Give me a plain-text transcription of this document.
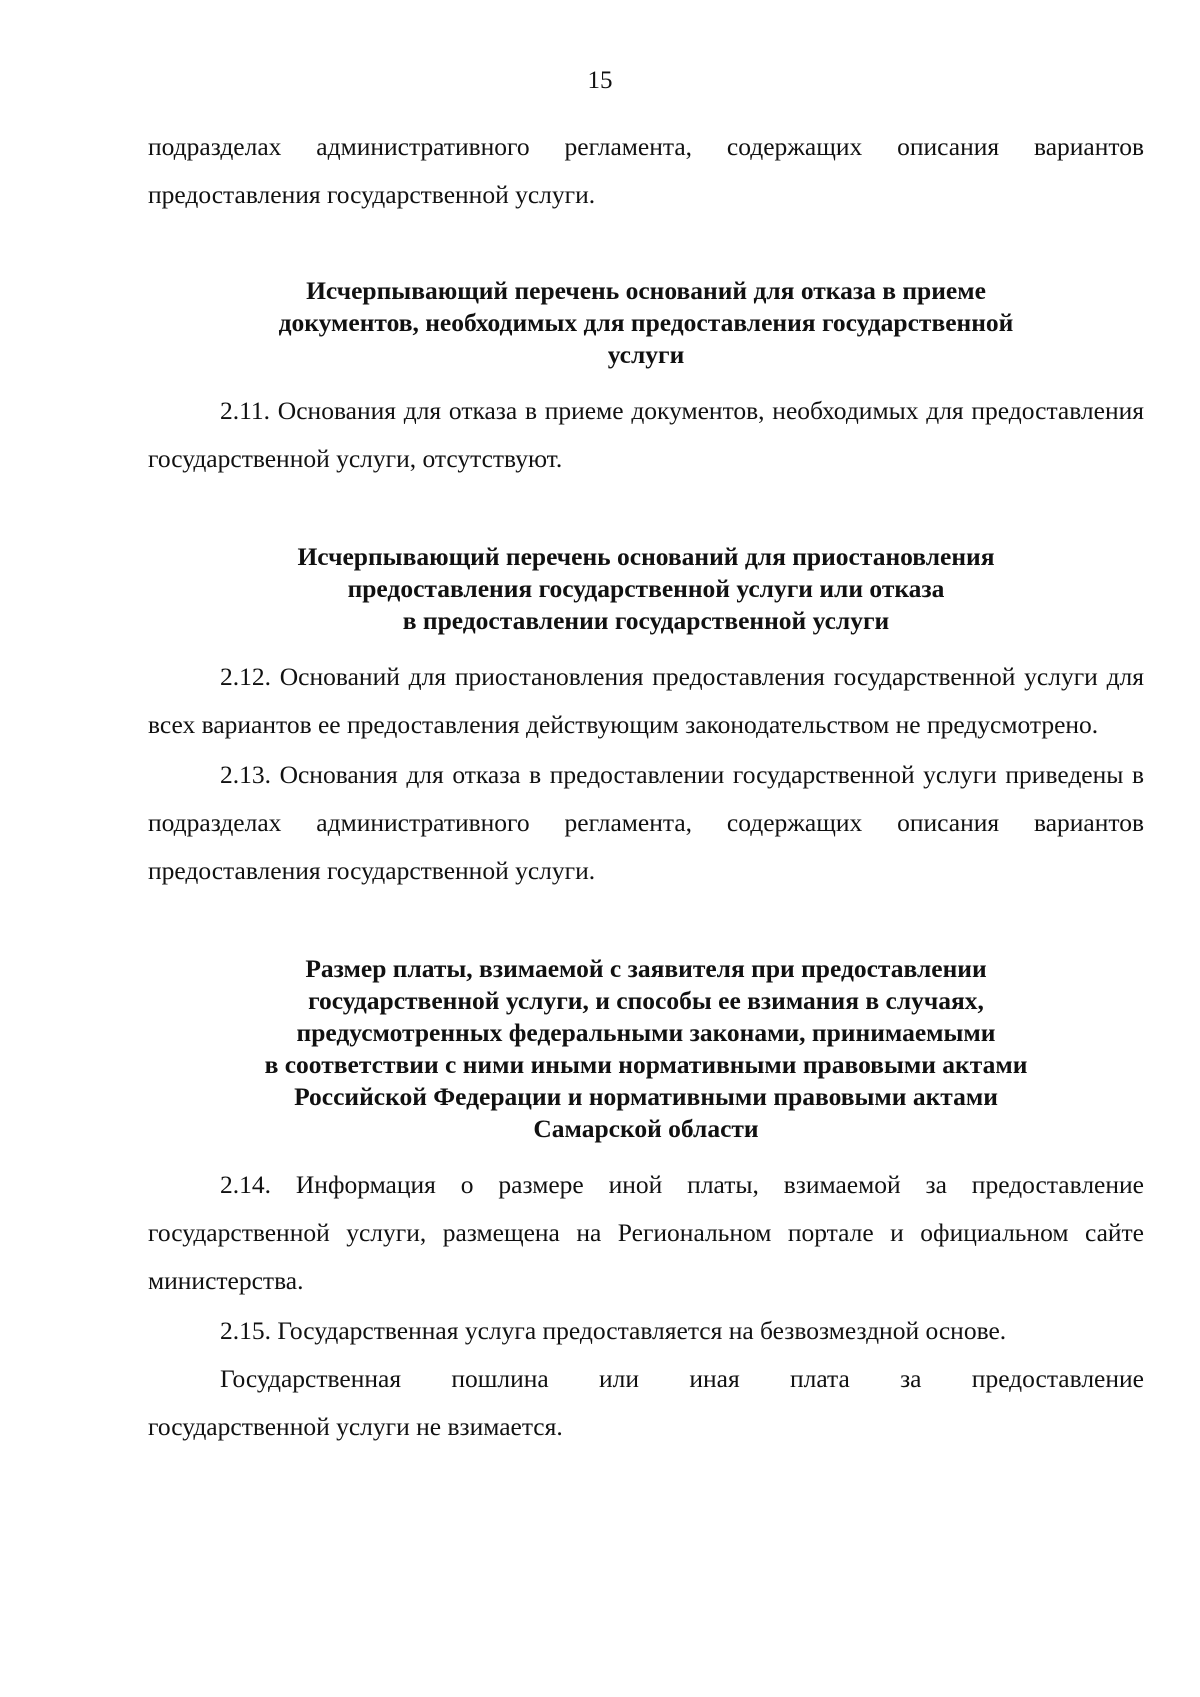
15

подразделах административного регламента, содержащих описания вариантов предоставления государственной услуги.

Исчерпывающий перечень оснований для отказа в приеме
документов, необходимых для предоставления государственной
услуги

2.11. Основания для отказа в приеме документов, необходимых для предоставления государственной услуги, отсутствуют.

Исчерпывающий перечень оснований для приостановления
предоставления государственной услуги или отказа
в предоставлении государственной услуги

2.12. Оснований для приостановления предоставления государственной услуги для всех вариантов ее предоставления действующим законодательством не предусмотрено.

2.13. Основания для отказа в предоставлении государственной услуги приведены в подразделах административного регламента, содержащих описания вариантов предоставления государственной услуги.

Размер платы, взимаемой с заявителя при предоставлении
государственной услуги, и способы ее взимания в случаях,
предусмотренных федеральными законами, принимаемыми
в соответствии с ними иными нормативными правовыми актами
Российской Федерации и нормативными правовыми актами
Самарской области

2.14. Информация о размере иной платы, взимаемой за предоставление государственной услуги, размещена на Региональном портале и официальном сайте министерства.

2.15. Государственная услуга предоставляется на безвозмездной основе.

Государственная пошлина или иная плата за предоставление

государственной услуги не взимается.
